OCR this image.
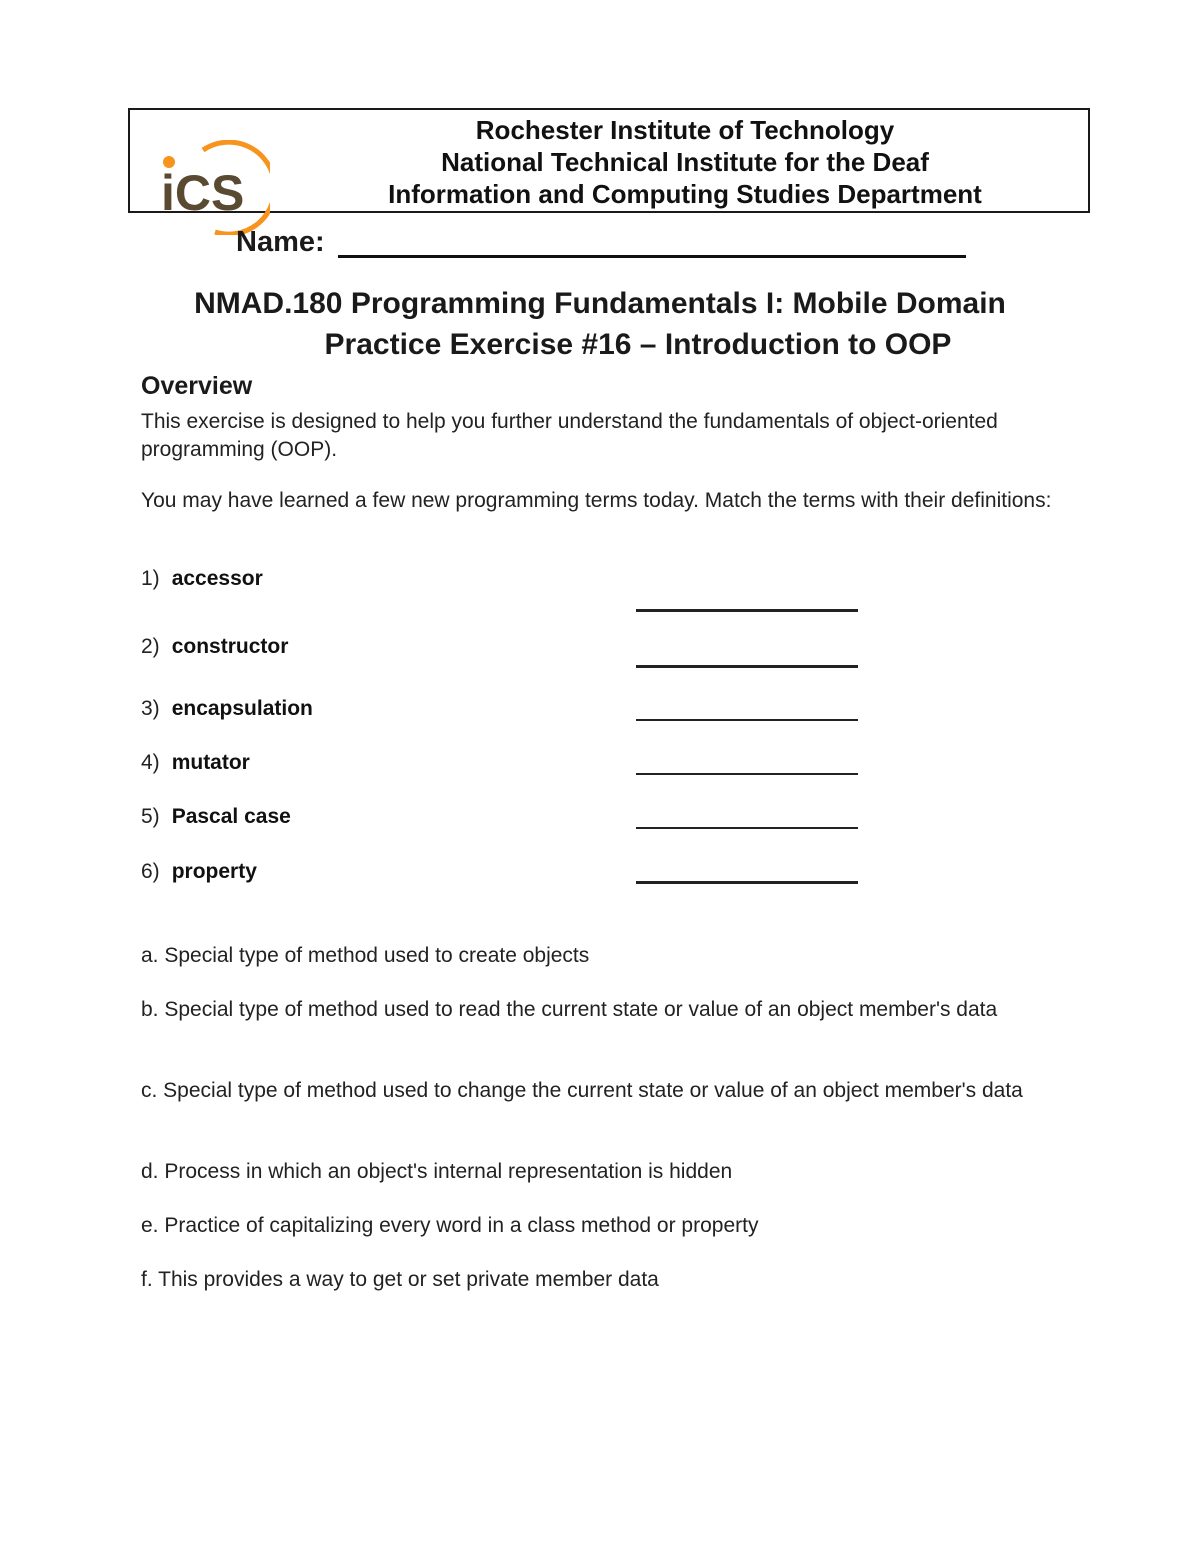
iCS
Rochester Institute of Technology
National Technical Institute for the Deaf
Information and Computing Studies Department
Name:
NMAD.180 Programming Fundamentals I: Mobile Domain
Practice Exercise #16 – Introduction to OOP
Overview
This exercise is designed to help you further understand the fundamentals of object-oriented programming (OOP).
You may have learned a few new programming terms today. Match the terms with their definitions:
1) accessor
2) constructor
3) encapsulation
4) mutator
5) Pascal case
6) property
a. Special type of method used to create objects
b. Special type of method used to read the current state or value of an object member's data
c. Special type of method used to change the current state or value of an object member's data
d. Process in which an object's internal representation is hidden
e. Practice of capitalizing every word in a class method or property
f. This provides a way to get or set private member data
